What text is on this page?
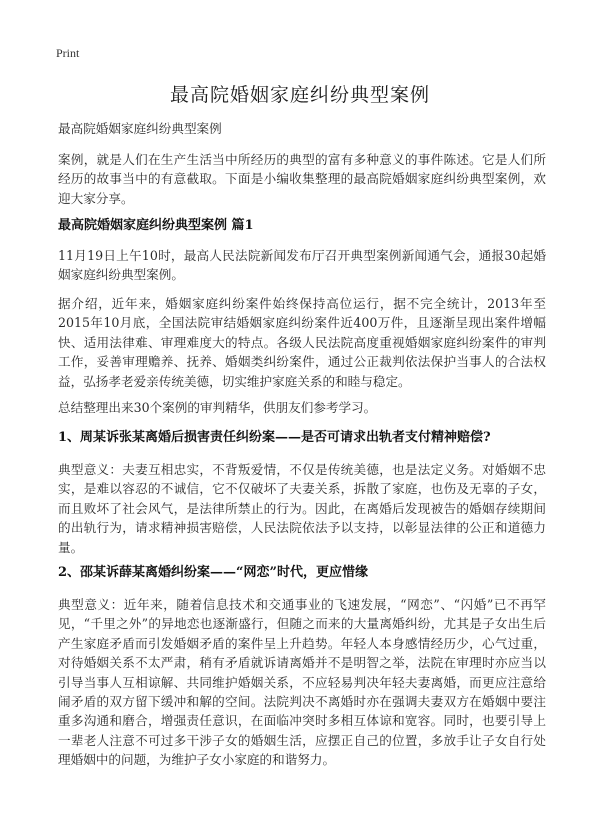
Print
最高院婚姻家庭纠纷典型案例
最高院婚姻家庭纠纷典型案例
案例，就是人们在生产生活当中所经历的典型的富有多种意义的事件陈述。它是人们所经历的故事当中的有意截取。下面是小编收集整理的最高院婚姻家庭纠纷典型案例，欢迎大家分享。
最高院婚姻家庭纠纷典型案例 篇1
11月19日上午10时，最高人民法院新闻发布厅召开典型案例新闻通气会，通报30起婚姻家庭纠纷典型案例。
据介绍，近年来，婚姻家庭纠纷案件始终保持高位运行，据不完全统计，2013年至2015年10月底，全国法院审结婚姻家庭纠纷案件近400万件，且逐渐呈现出案件增幅快、适用法律难、审理难度大的特点。各级人民法院高度重视婚姻家庭纠纷案件的审判工作，妥善审理赡养、抚养、婚姻类纠纷案件，通过公正裁判依法保护当事人的合法权益，弘扬孝老爱亲传统美德，切实维护家庭关系的和睦与稳定。
总结整理出来30个案例的审判精华，供朋友们参考学习。
1、周某诉张某离婚后损害责任纠纷案——是否可请求出轨者支付精神赔偿?
典型意义：夫妻互相忠实，不背叛爱情，不仅是传统美德，也是法定义务。对婚姻不忠实，是难以容忍的不诚信，它不仅破坏了夫妻关系，拆散了家庭，也伤及无辜的子女，而且败坏了社会风气，是法律所禁止的行为。因此，在离婚后发现被告的婚姻存续期间的出轨行为，请求精神损害赔偿，人民法院依法予以支持，以彰显法律的公正和道德力量。
2、邵某诉薛某离婚纠纷案——“网恋”时代，更应惜缘
典型意义：近年来，随着信息技术和交通事业的飞速发展，“网恋”、“闪婚”已不再罕见，“千里之外”的异地恋也逐渐盛行，但随之而来的大量离婚纠纷，尤其是子女出生后产生家庭矛盾而引发婚姻矛盾的案件呈上升趋势。年轻人本身感情经历少，心气过重，对待婚姻关系不太严肃，稍有矛盾就诉请离婚并不是明智之举，法院在审理时亦应当以引导当事人互相谅解、共同维护婚姻关系，不应轻易判决年轻夫妻离婚，而更应注意给闹矛盾的双方留下缓冲和解的空间。法院判决不离婚时亦在强调夫妻双方在婚姻中要注重多沟通和磨合，增强责任意识，在面临冲突时多相互体谅和宽容。同时，也要引导上一辈老人注意不可过多干涉子女的婚姻生活，应摆正自己的位置，多放手让子女自行处理婚姻中的问题，为维护子女小家庭的和谐努力。
